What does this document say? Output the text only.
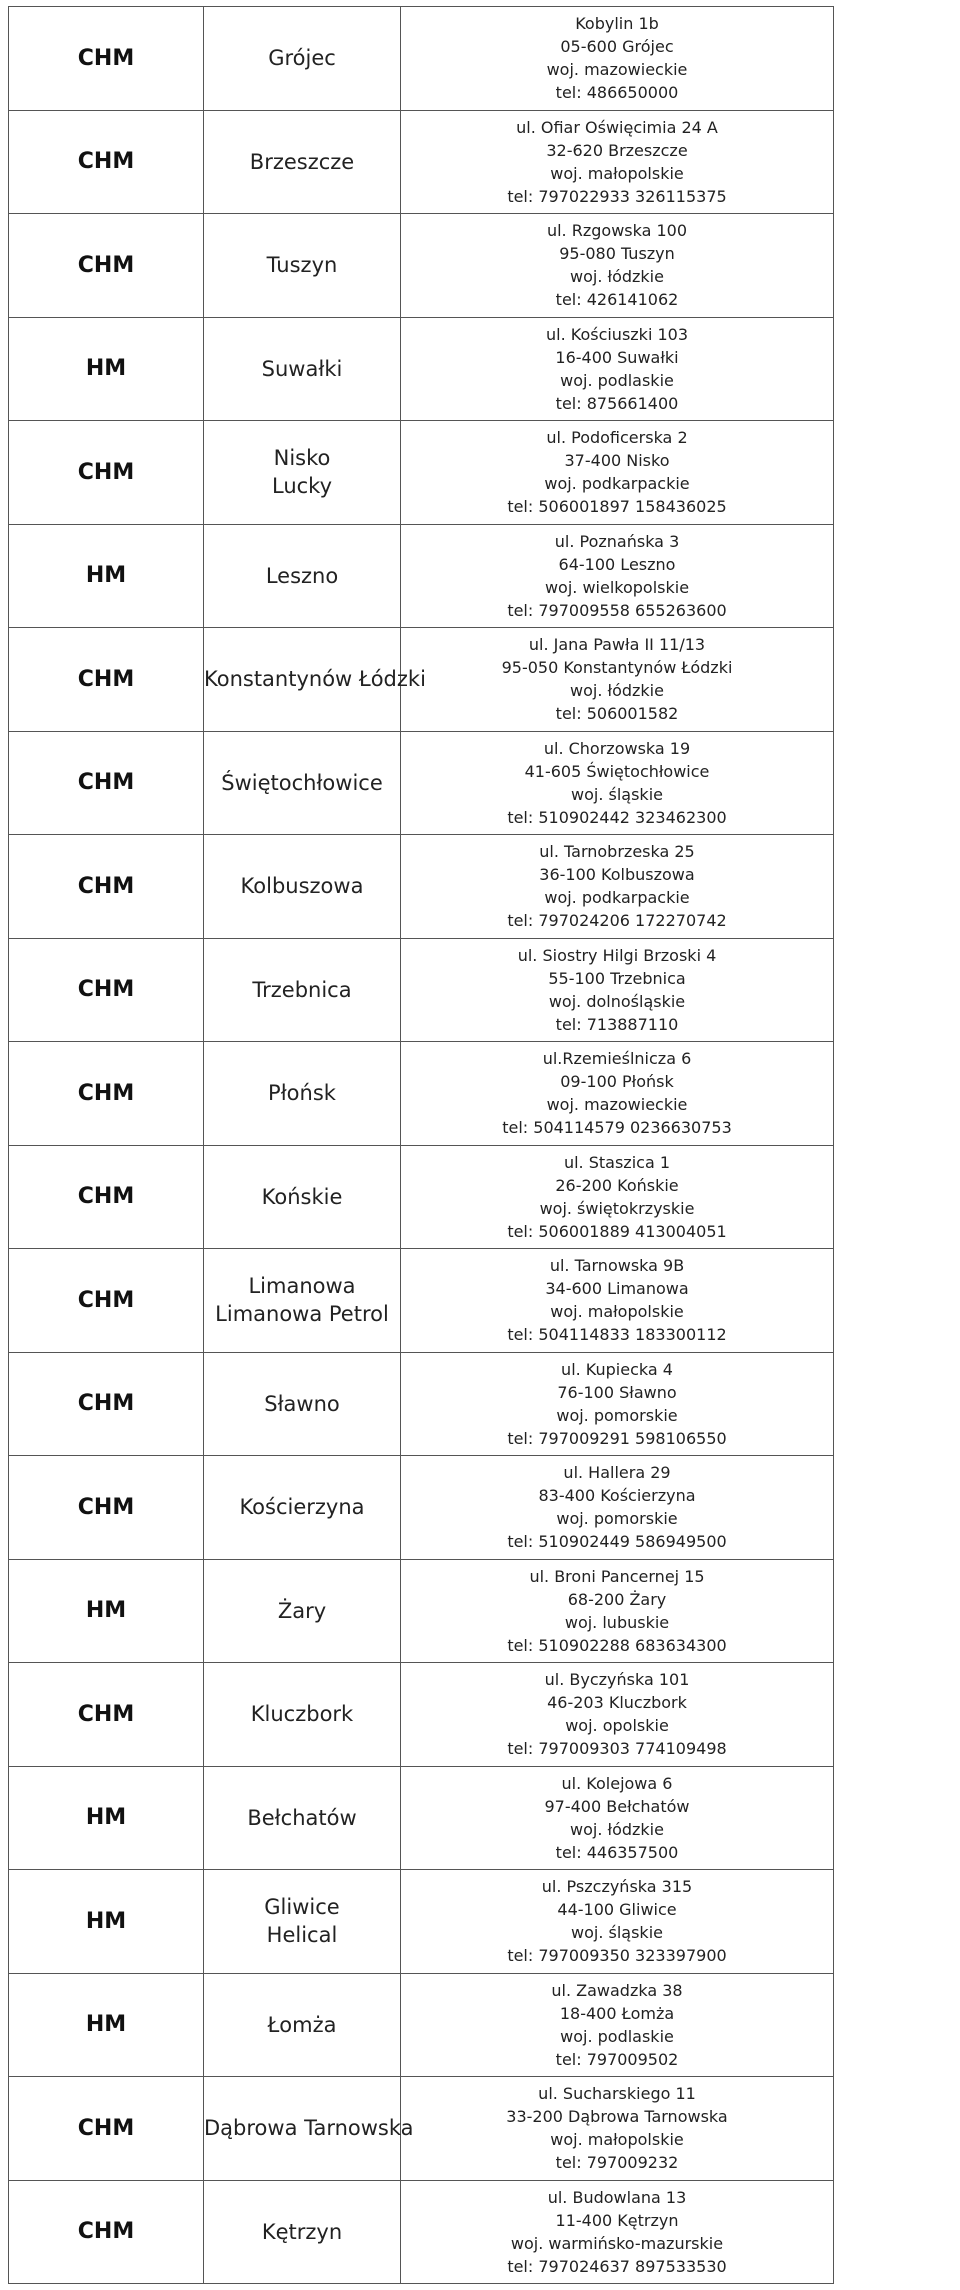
CHM	Grójec	Kobylin 1b
05-600 Grójec
woj. mazowieckie
tel: 486650000

CHM	Brzeszcze	ul. Ofiar Oświęcimia 24 A
32-620 Brzeszcze
woj. małopolskie
tel: 797022933 326115375

CHM	Tuszyn	ul. Rzgowska 100
95-080 Tuszyn
woj. łódzkie
tel: 426141062

HM	Suwałki	ul. Kościuszki 103
16-400 Suwałki
woj. podlaskie
tel: 875661400

CHM	Nisko
Lucky	ul. Podoficerska 2
37-400 Nisko
woj. podkarpackie
tel: 506001897 158436025

HM	Leszno	ul. Poznańska 3
64-100 Leszno
woj. wielkopolskie
tel: 797009558 655263600

CHM	Konstantynów Łódzki	ul. Jana Pawła II 11/13
95-050 Konstantynów Łódzki
woj. łódzkie
tel: 506001582

CHM	Świętochłowice	ul. Chorzowska 19
41-605 Świętochłowice
woj. śląskie
tel: 510902442 323462300

CHM	Kolbuszowa	ul. Tarnobrzeska 25
36-100 Kolbuszowa
woj. podkarpackie
tel: 797024206 172270742

CHM	Trzebnica	ul. Siostry Hilgi Brzoski 4
55-100 Trzebnica
woj. dolnośląskie
tel: 713887110

CHM	Płońsk	ul.Rzemieślnicza 6
09-100 Płońsk
woj. mazowieckie
tel: 504114579 0236630753

CHM	Końskie	ul. Staszica 1
26-200 Końskie
woj. świętokrzyskie
tel: 506001889 413004051

CHM	Limanowa
Limanowa Petrol	ul. Tarnowska 9B
34-600 Limanowa
woj. małopolskie
tel: 504114833 183300112

CHM	Sławno	ul. Kupiecka 4
76-100 Sławno
woj. pomorskie
tel: 797009291 598106550

CHM	Kościerzyna	ul. Hallera 29
83-400 Kościerzyna
woj. pomorskie
tel: 510902449 586949500

HM	Żary	ul. Broni Pancernej 15
68-200 Żary
woj. lubuskie
tel: 510902288 683634300

CHM	Kluczbork	ul. Byczyńska 101
46-203 Kluczbork
woj. opolskie
tel: 797009303 774109498

HM	Bełchatów	ul. Kolejowa 6
97-400 Bełchatów
woj. łódzkie
tel: 446357500

HM	Gliwice
Helical	ul. Pszczyńska 315
44-100 Gliwice
woj. śląskie
tel: 797009350 323397900

HM	Łomża	ul. Zawadzka 38
18-400 Łomża
woj. podlaskie
tel: 797009502

CHM	Dąbrowa Tarnowska	ul. Sucharskiego 11
33-200 Dąbrowa Tarnowska
woj. małopolskie
tel: 797009232

CHM	Kętrzyn	ul. Budowlana 13
11-400 Kętrzyn
woj. warmińsko-mazurskie
tel: 797024637 897533530
